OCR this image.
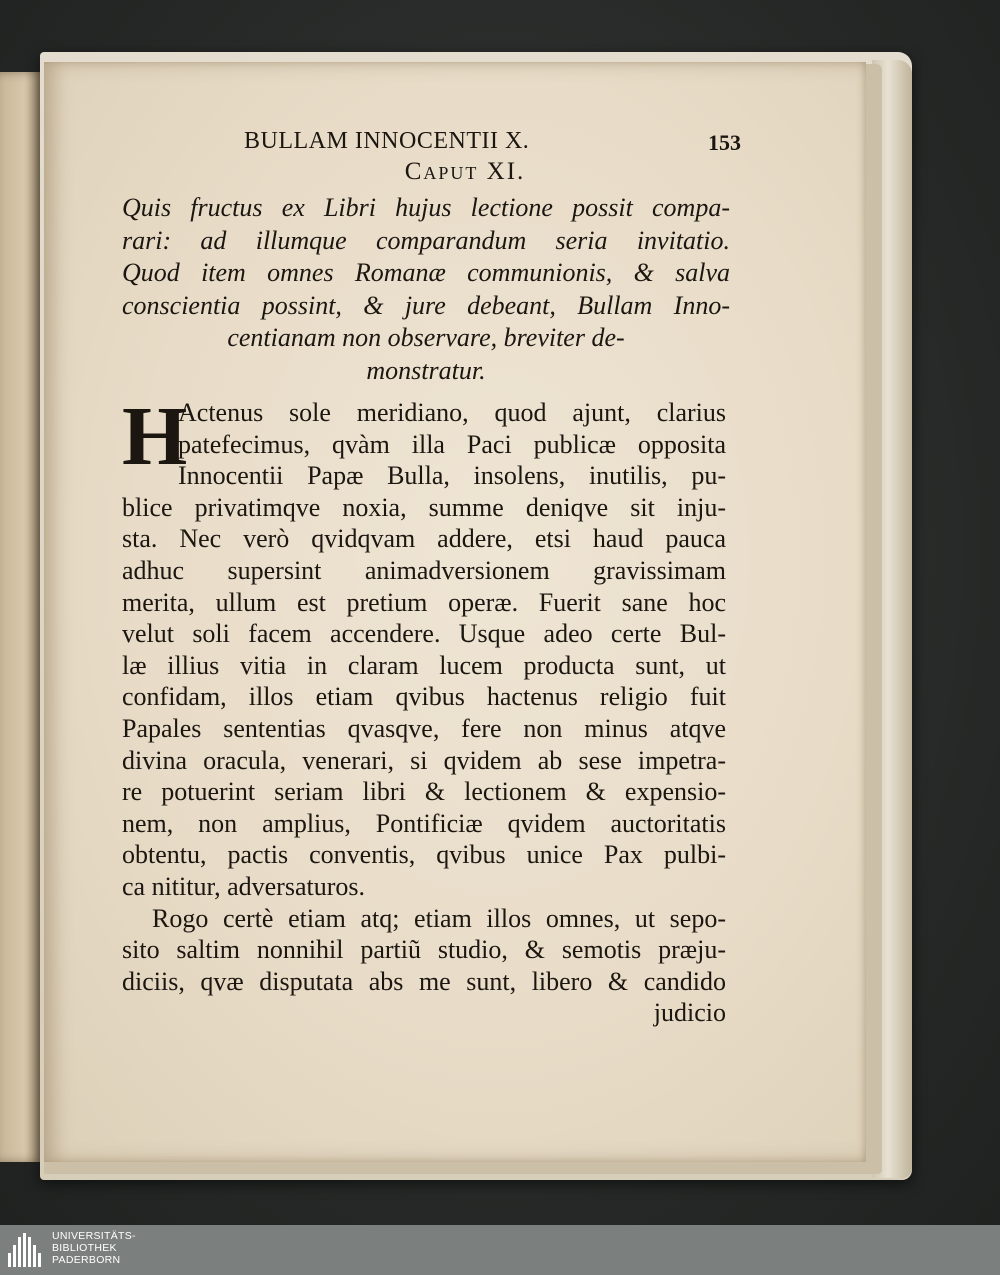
BULLAM INNOCENTII X.	153
Caput XI.
Quis fructus ex Libri hujus lectione possit compa-
rari: ad illumque comparandum seria invitatio.
Quod item omnes Romanæ communionis, & salva
conscientia possint, & jure debeant, Bullam Inno-
centianam non observare, breviter de-
monstratur.
H
Actenus sole meridiano, quod ajunt, clarius
patefecimus, qvàm illa Paci publicæ opposita
Innocentii Papæ Bulla, insolens, inutilis, pu-
blice privatimqve noxia, summe deniqve sit inju-
sta. Nec verò qvidqvam addere, etsi haud pauca
adhuc supersint animadversionem gravissimam
merita, ullum est pretium operæ. Fuerit sane hoc
velut soli facem accendere. Usque adeo certe Bul-
læ illius vitia in claram lucem producta sunt, ut
confidam, illos etiam qvibus hactenus religio fuit
Papales sententias qvasqve, fere non minus atqve
divina oracula, venerari, si qvidem ab sese impetra-
re potuerint seriam libri & lectionem & expensio-
nem, non amplius, Pontificiæ qvidem auctoritatis
obtentu, pactis conventis, qvibus unice Pax pulbi-
ca nititur, adversaturos.
Rogo certè etiam atq; etiam illos omnes, ut sepo-
sito saltim nonnihil partiũ studio, & semotis præju-
diciis, qvæ disputata abs me sunt, libero & candido
judicio
UNIVERSITÄTS-
BIBLIOTHEK
PADERBORN
